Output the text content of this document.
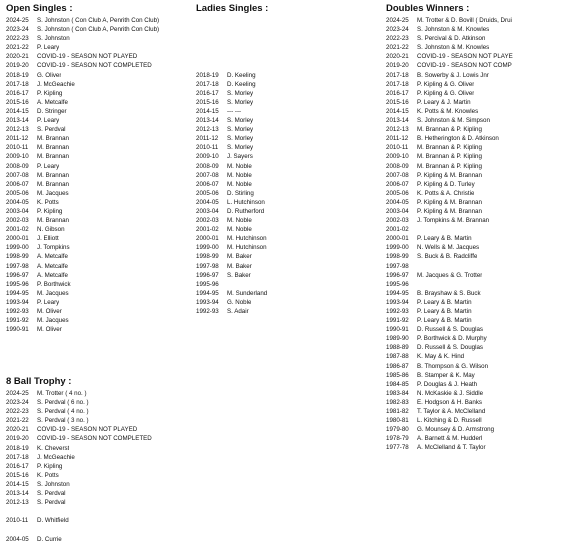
Open Singles :
2024-25	S. Johnston ( Con Club A, Penrith Con Club)
2023-24	S. Johnston ( Con Club A, Penrith Con Club)
2022-23	S. Johnston
2021-22	P. Leary
2020-21	COVID-19 - SEASON NOT PLAYED
2019-20	COVID-19 - SEASON NOT COMPLETED
2018-19	G. Oliver
2017-18	J. McGeachie
2016-17	P. Kipling
2015-16	A. Metcalfe
2014-15	D. Stringer
2013-14	P. Leary
2012-13	S. Perdval
2011-12	M. Brannan
2010-11	M. Brannan
2009-10	M. Brannan
2008-09	P. Leary
2007-08	M. Brannan
2006-07	M. Brannan
2005-06	M. Jacques
2004-05	K. Potts
2003-04	P. Kipling
2002-03	M. Brannan
2001-02	N. Gibson
2000-01	J. Elliott
1999-00	J. Tompkins
1998-99	A. Metcalfe
1997-98	A. Metcalfe
1996-97	A. Metcalfe
1995-96	P. Borthwick
1994-95	M. Jacques
1993-94	P. Leary
1992-93	M. Oliver
1991-92	M. Jacques
1990-91	M. Oliver
8 Ball Trophy :
2024-25	M. Trotter ( 4 no. )
2023-24	S. Perdval ( 6 no. )
2022-23	S. Perdval ( 4 no. )
2021-22	S. Perdval ( 3 no. )
2020-21	COVID-19 - SEASON NOT PLAYED
2019-20	COVID-19 - SEASON NOT COMPLETED
2018-19	K. Cheverst
2017-18	J. McGeachie
2016-17	P. Kipling
2015-16	K. Potts
2014-15	S. Johnston
2013-14	S. Perdval
2012-13	S. Perdval
2010-11	D. Whitfield
2004-05	D. Currie
Ladies Singles :
2018-19	D. Keeling
2017-18	D. Keeling
2016-17	S. Morley
2015-16	S. Morley
2014-15	--- ---
2013-14	S. Morley
2012-13	S. Morley
2011-12	S. Morley
2010-11	S. Morley
2009-10	J. Sayers
2008-09	M. Noble
2007-08	M. Noble
2006-07	M. Noble
2005-06	D. Stirling
2004-05	L. Hutchinson
2003-04	D. Rutherford
2002-03	M. Noble
2001-02	M. Noble
2000-01	M. Hutchinson
1999-00	M. Hutchinson
1998-99	M. Baker
1997-98	M. Baker
1996-97	S. Baker
1995-96
1994-95	M. Sunderland
1993-94	G. Noble
1992-93	S. Adair
Doubles Winners :
2024-25	M. Trotter & D. Bovill ( Druids, Drui
2023-24	S. Johnston & M. Knowles
2022-23	S. Percival & D. Atkinson
2021-22	S. Johnston & M. Knowles
2020-21	COVID-19 - SEASON NOT PLAYE
2019-20	COVID-19 - SEASON NOT COMP
2017-18	B. Sowerby & J. Lowis Jnr
2017-18	P. Kipling & G. Oliver
2016-17	P. Kipling & G. Oliver
2015-16	P. Leary & J. Martin
2014-15	K. Potts & M. Knowles
2013-14	S. Johnston & M. Simpson
2012-13	M. Brannan & P. Kipling
2011-12	B. Hetherington & D. Atkinson
2010-11	M. Brannan & P. Kipling
2009-10	M. Brannan & P. Kipling
2008-09	M. Brannan & P. Kipling
2007-08	P. Kipling & M. Brannan
2006-07	P. Kipling & D. Turley
2005-06	K. Potts & A. Christie
2004-05	P. Kipling & M. Brannan
2003-04	P. Kipling & M. Brannan
2002-03	J. Tompkins & M. Brannan
2001-02
2000-01	P. Leary & B. Martin
1999-00	N. Wells & M. Jacques
1998-99	S. Buck & B. Radcliffe
1997-98
1996-97	M. Jacques & G. Trotter
1995-96
1994-95	B. Brayshaw & S. Buck
1993-94	P. Leary & B. Martin
1992-93	P. Leary & B. Martin
1991-92	P. Leary & B. Martin
1990-91	D. Russell & S. Douglas
1989-90	P. Borthwick & D. Murphy
1988-89	D. Russell & S. Douglas
1987-88	K. May & K. Hind
1986-87	B. Thompson & G. Wilson
1985-86	B. Stamper & K. May
1984-85	P. Douglas & J. Heath
1983-84	N. McKaskie & J. Siddle
1982-83	E. Hodgson & H. Banks
1981-82	T. Taylor & A. McClelland
1980-81	L. Kitching & D. Russell
1979-80	G. Mounsey & D. Armstrong
1978-79	A. Barnett & M. Hudderl
1977-78	A. McClelland & T. Taylor
